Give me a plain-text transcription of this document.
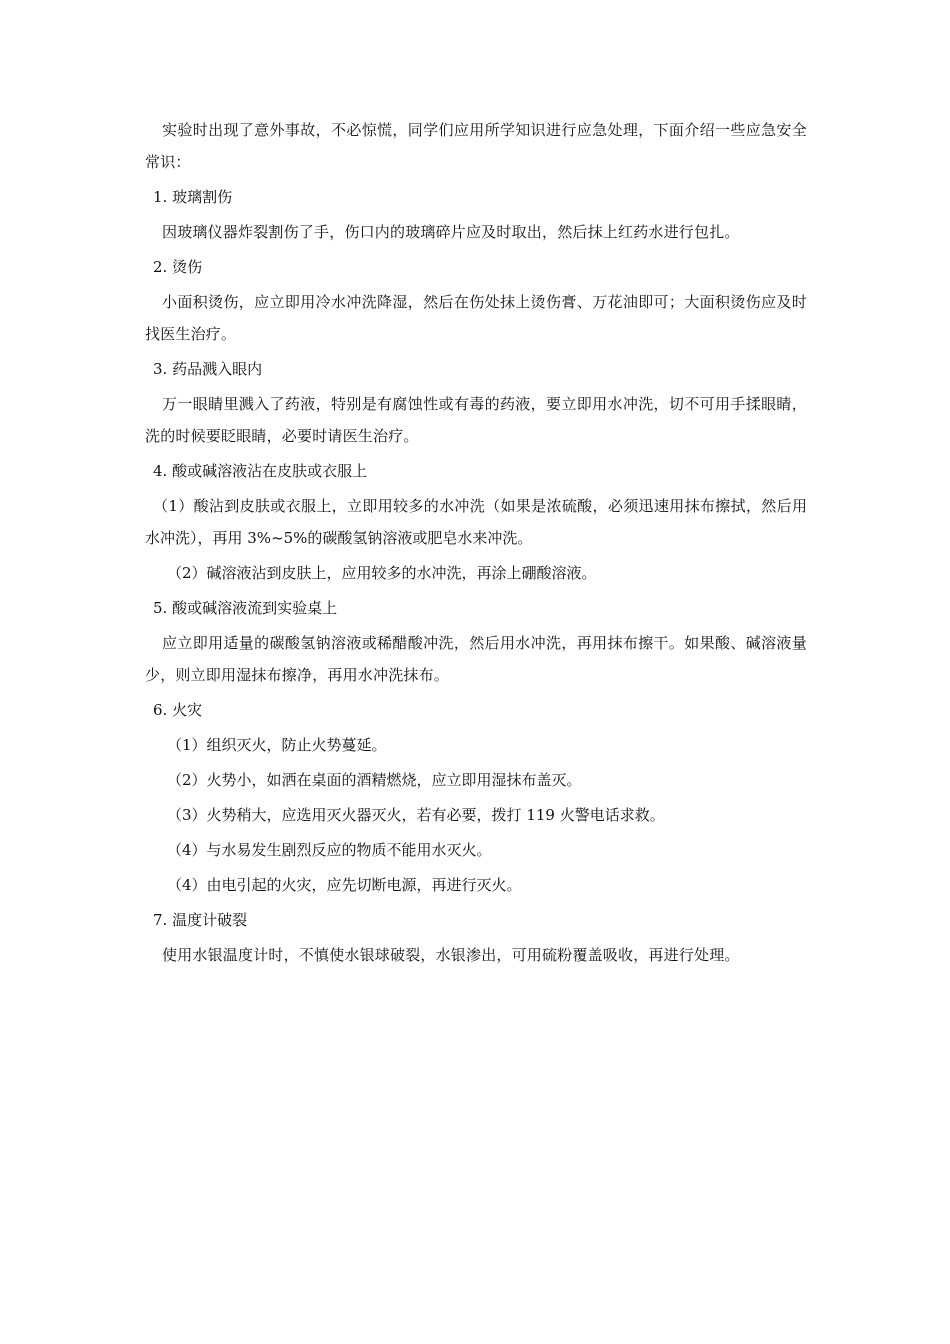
实验时出现了意外事故，不必惊慌，同学们应用所学知识进行应急处理，下面介绍一些应急安全常识：

1. 玻璃割伤

因玻璃仪器炸裂割伤了手，伤口内的玻璃碎片应及时取出，然后抹上红药水进行包扎。

2. 烫伤

小面积烫伤，应立即用冷水冲洗降湿，然后在伤处抹上烫伤膏、万花油即可；大面积烫伤应及时找医生治疗。

3. 药品溅入眼内

万一眼睛里溅入了药液，特别是有腐蚀性或有毒的药液，要立即用水冲洗，切不可用手揉眼睛，洗的时候要眨眼睛，必要时请医生治疗。

4. 酸或碱溶液沾在皮肤或衣服上

（1）酸沾到皮肤或衣服上，立即用较多的水冲洗（如果是浓硫酸，必须迅速用抹布擦拭，然后用水冲洗），再用 3%~5%的碳酸氢钠溶液或肥皂水来冲洗。

（2）碱溶液沾到皮肤上，应用较多的水冲洗，再涂上硼酸溶液。

5. 酸或碱溶液流到实验桌上

应立即用适量的碳酸氢钠溶液或稀醋酸冲洗，然后用水冲洗，再用抹布擦干。如果酸、碱溶液量少，则立即用湿抹布擦净，再用水冲洗抹布。

6. 火灾

（1）组织灭火，防止火势蔓延。

（2）火势小，如洒在桌面的酒精燃烧，应立即用湿抹布盖灭。

（3）火势稍大，应选用灭火器灭火，若有必要，拨打 119 火警电话求救。

（4）与水易发生剧烈反应的物质不能用水灭火。

（4）由电引起的火灾，应先切断电源，再进行灭火。

7. 温度计破裂

使用水银温度计时，不慎使水银球破裂，水银渗出，可用硫粉覆盖吸收，再进行处理。
